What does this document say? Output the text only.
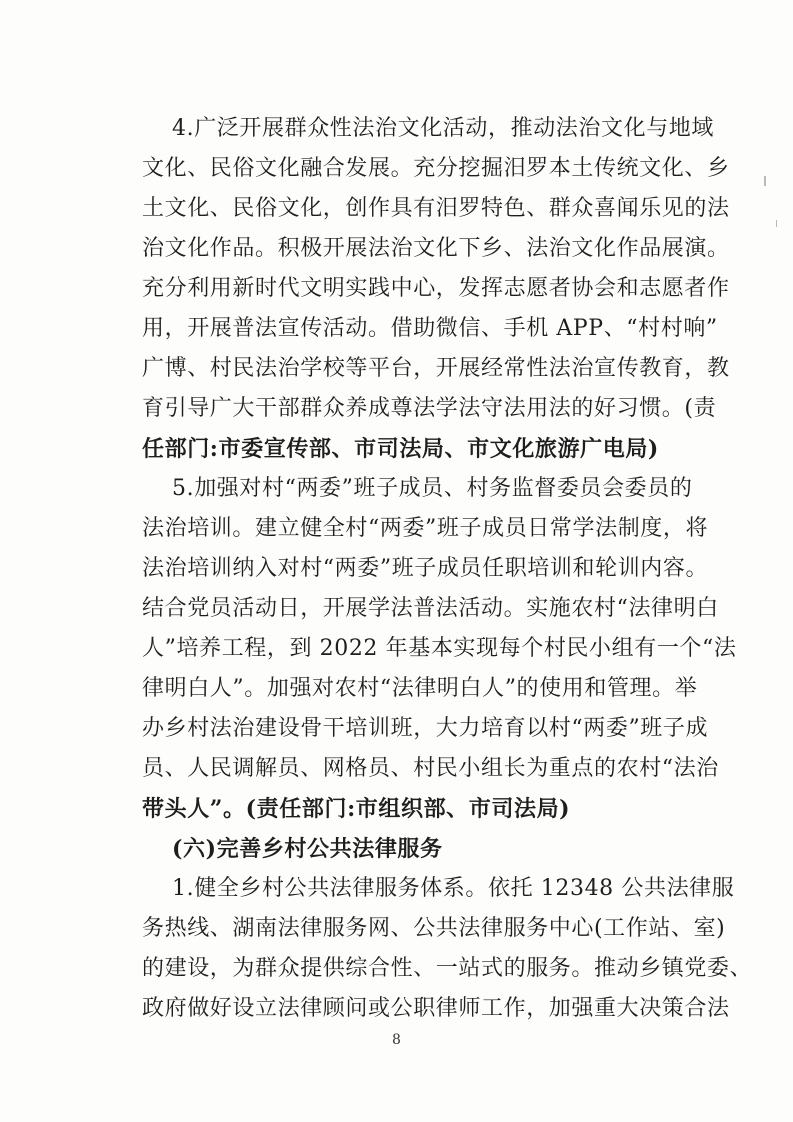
4.广泛开展群众性法治文化活动，推动法治文化与地域
文化、民俗文化融合发展。充分挖掘汨罗本土传统文化、乡
土文化、民俗文化，创作具有汨罗特色、群众喜闻乐见的法
治文化作品。积极开展法治文化下乡、法治文化作品展演。
充分利用新时代文明实践中心，发挥志愿者协会和志愿者作
用，开展普法宣传活动。借助微信、手机 APP、“村村响”
广博、村民法治学校等平台，开展经常性法治宣传教育，教
育引导广大干部群众养成尊法学法守法用法的好习惯。(责
任部门:市委宣传部、市司法局、市文化旅游广电局)
5.加强对村“两委”班子成员、村务监督委员会委员的
法治培训。建立健全村“两委”班子成员日常学法制度，将
法治培训纳入对村“两委”班子成员任职培训和轮训内容。
结合党员活动日，开展学法普法活动。实施农村“法律明白
人”培养工程，到 2022 年基本实现每个村民小组有一个“法
律明白人”。加强对农村“法律明白人”的使用和管理。举
办乡村法治建设骨干培训班，大力培育以村“两委”班子成
员、人民调解员、网格员、村民小组长为重点的农村“法治
带头人”。(责任部门:市组织部、市司法局)
(六)完善乡村公共法律服务
1.健全乡村公共法律服务体系。依托 12348 公共法律服
务热线、湖南法律服务网、公共法律服务中心(工作站、室)
的建设，为群众提供综合性、一站式的服务。推动乡镇党委、
政府做好设立法律顾问或公职律师工作，加强重大决策合法
8
